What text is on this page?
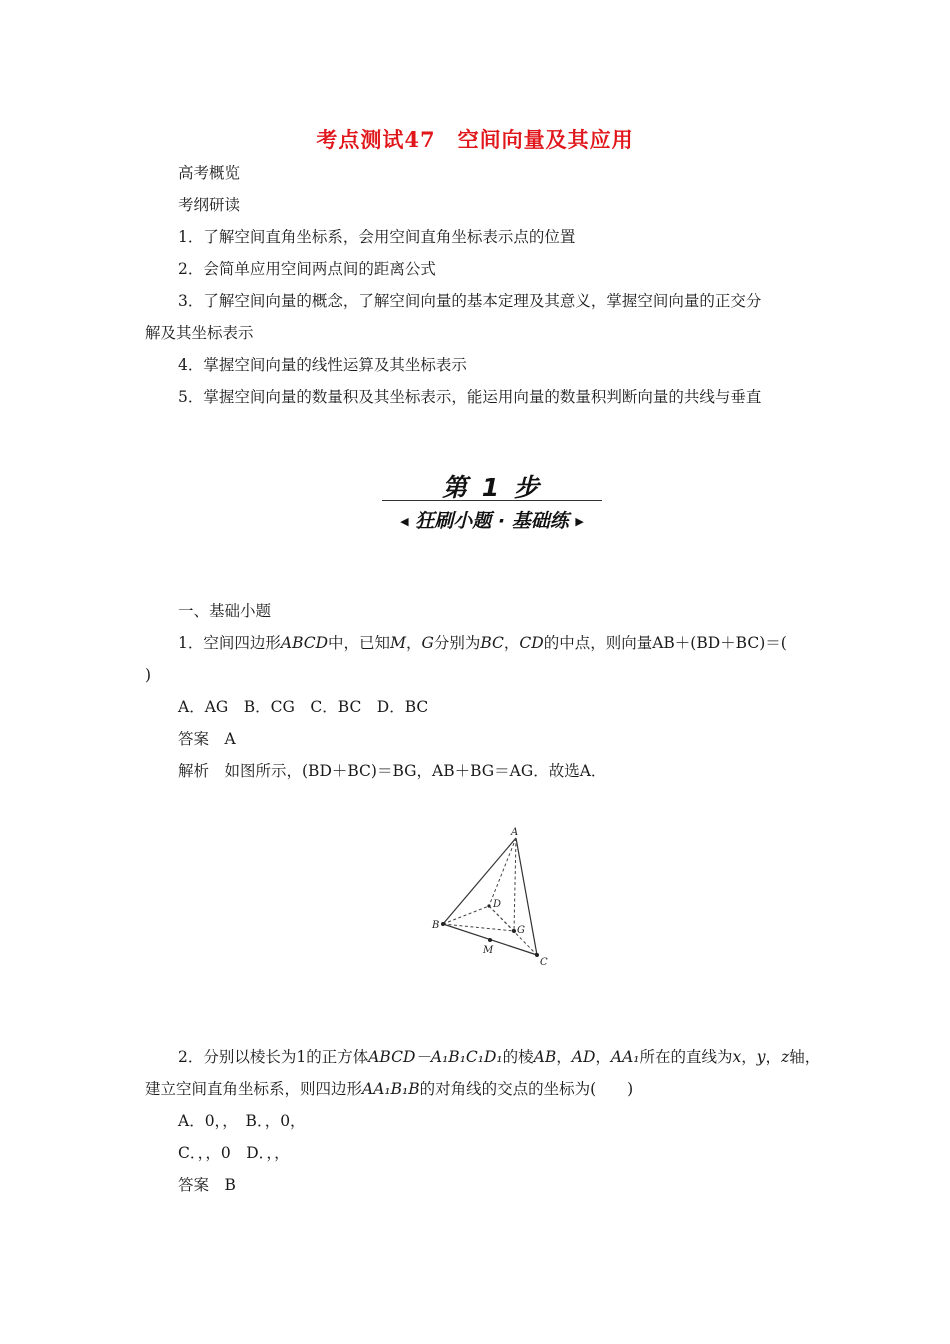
考点测试47　空间向量及其应用
高考概览
考纲研读
1．了解空间直角坐标系，会用空间直角坐标表示点的位置
2．会简单应用空间两点间的距离公式
3．了解空间向量的概念，了解空间向量的基本定理及其意义，掌握空间向量的正交分
解及其坐标表示
4．掌握空间向量的线性运算及其坐标表示
5．掌握空间向量的数量积及其坐标表示，能运用向量的数量积判断向量的共线与垂直
第 1 步
◀ 狂刷小题 · 基础练 ▶
一、基础小题
1．空间四边形ABCD中，已知M，G分别为BC，CD的中点，则向量AB＋(BD＋BC)＝(
)
A．AG　B．CG　C．BC　D．BC
答案　A
解析　如图所示，(BD＋BC)＝BG，AB＋BG＝AG．故选A．
A
B
C
D
G
M
2．分别以棱长为1的正方体ABCD－A₁B₁C₁D₁的棱AB，AD，AA₁所在的直线为x，y，z轴，
建立空间直角坐标系，则四边形AA₁B₁B的对角线的交点的坐标为(　　)
A．0，，　B．，0，
C．，，0　D．，，
答案　B
